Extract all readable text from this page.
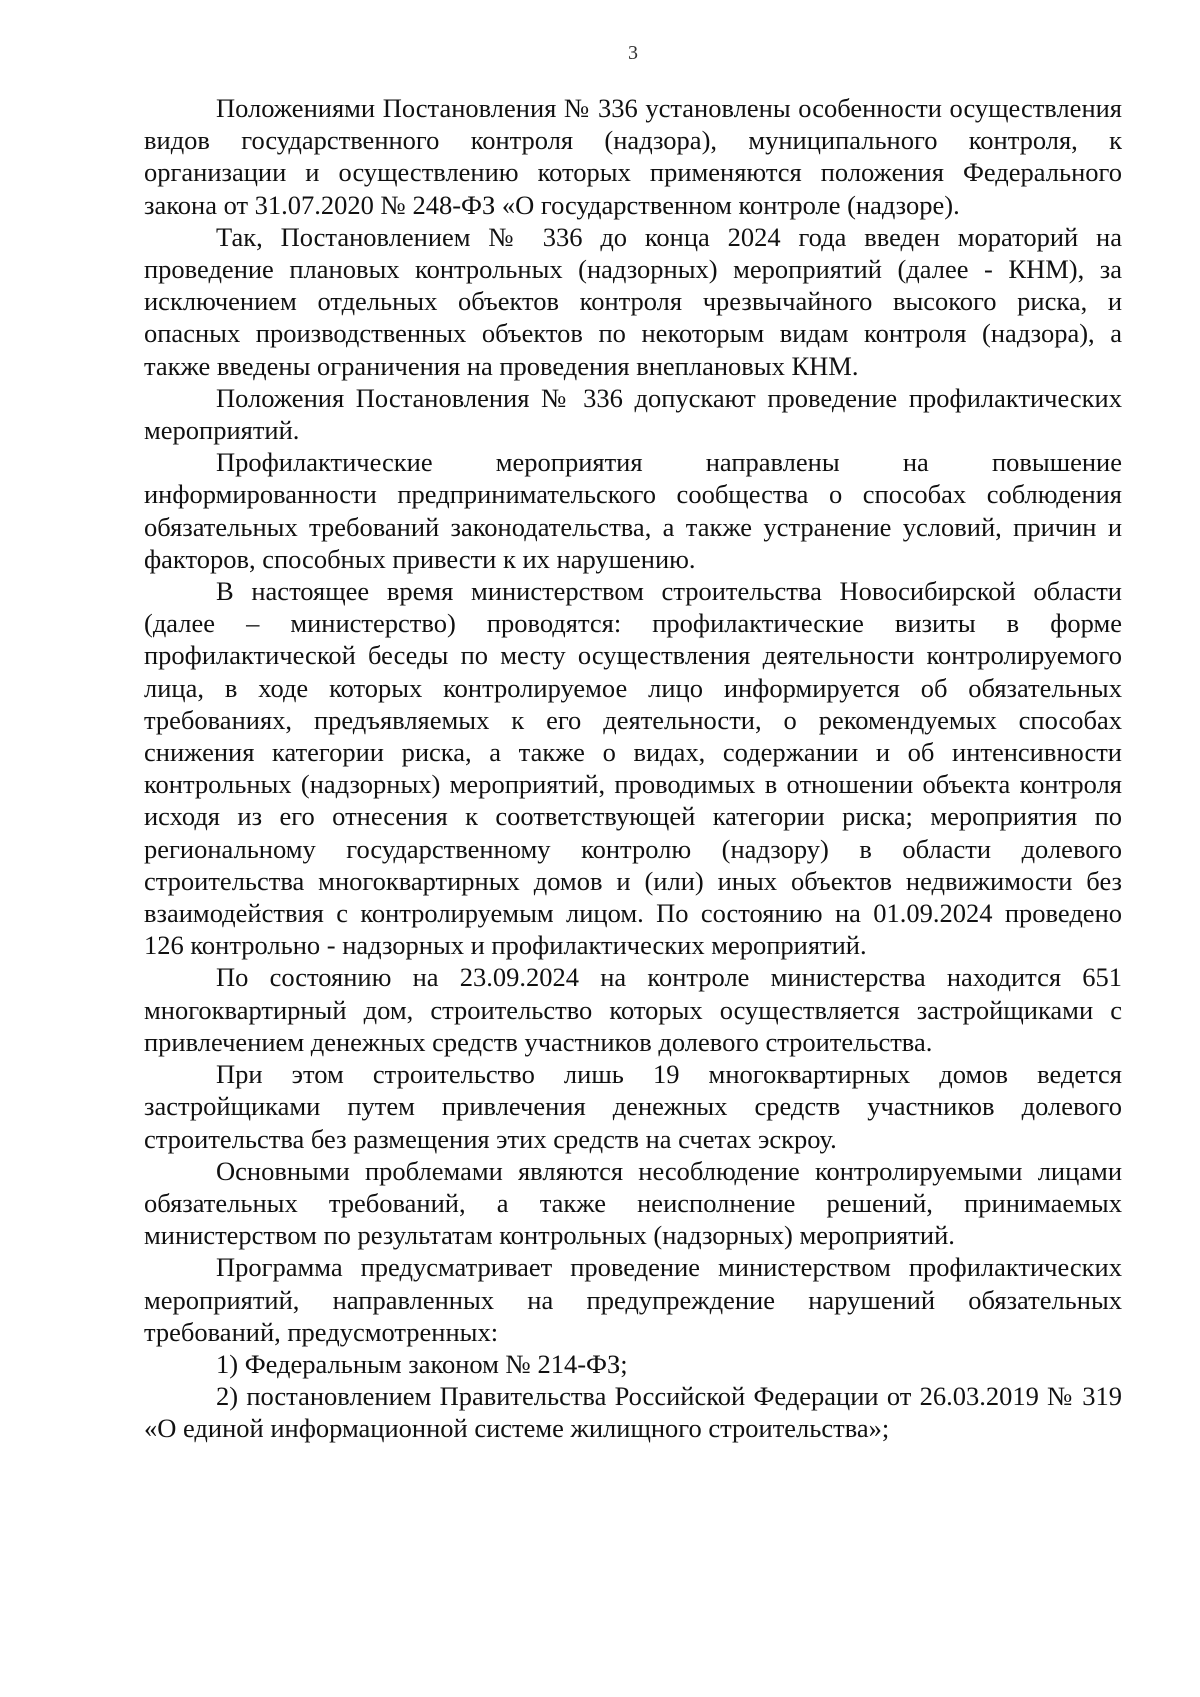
3

Положениями Постановления № 336 установлены особенности осуществления видов государственного контроля (надзора), муниципального контроля, к организации и осуществлению которых применяются положения Федерального закона от 31.07.2020 № 248-ФЗ «О государственном контроле (надзоре).

Так, Постановлением № 336 до конца 2024 года введен мораторий на проведение плановых контрольных (надзорных) мероприятий (далее - КНМ), за исключением отдельных объектов контроля чрезвычайного высокого риска, и опасных производственных объектов по некоторым видам контроля (надзора), а также введены ограничения на проведения внеплановых КНМ.

Положения Постановления № 336 допускают проведение профилактических мероприятий.

Профилактические мероприятия направлены на повышение информированности предпринимательского сообщества о способах соблюдения обязательных требований законодательства, а также устранение условий, причин и факторов, способных привести к их нарушению.

В настоящее время министерством строительства Новосибирской области (далее – министерство) проводятся: профилактические визиты в форме профилактической беседы по месту осуществления деятельности контролируемого лица, в ходе которых контролируемое лицо информируется об обязательных требованиях, предъявляемых к его деятельности, о рекомендуемых способах снижения категории риска, а также о видах, содержании и об интенсивности контрольных (надзорных) мероприятий, проводимых в отношении объекта контроля исходя из его отнесения к соответствующей категории риска; мероприятия по региональному государственному контролю (надзору) в области долевого строительства многоквартирных домов и (или) иных объектов недвижимости без взаимодействия с контролируемым лицом. По состоянию на 01.09.2024 проведено 126 контрольно - надзорных и профилактических мероприятий.

По состоянию на 23.09.2024 на контроле министерства находится 651 многоквартирный дом, строительство которых осуществляется застройщиками с привлечением денежных средств участников долевого строительства.

При этом строительство лишь 19 многоквартирных домов ведется застройщиками путем привлечения денежных средств участников долевого строительства без размещения этих средств на счетах эскроу.

Основными проблемами являются несоблюдение контролируемыми лицами обязательных требований, а также неисполнение решений, принимаемых министерством по результатам контрольных (надзорных) мероприятий.

Программа предусматривает проведение министерством профилактических мероприятий, направленных на предупреждение нарушений обязательных требований, предусмотренных:

1) Федеральным законом № 214-ФЗ;

2) постановлением Правительства Российской Федерации от 26.03.2019 № 319 «О единой информационной системе жилищного строительства»;
